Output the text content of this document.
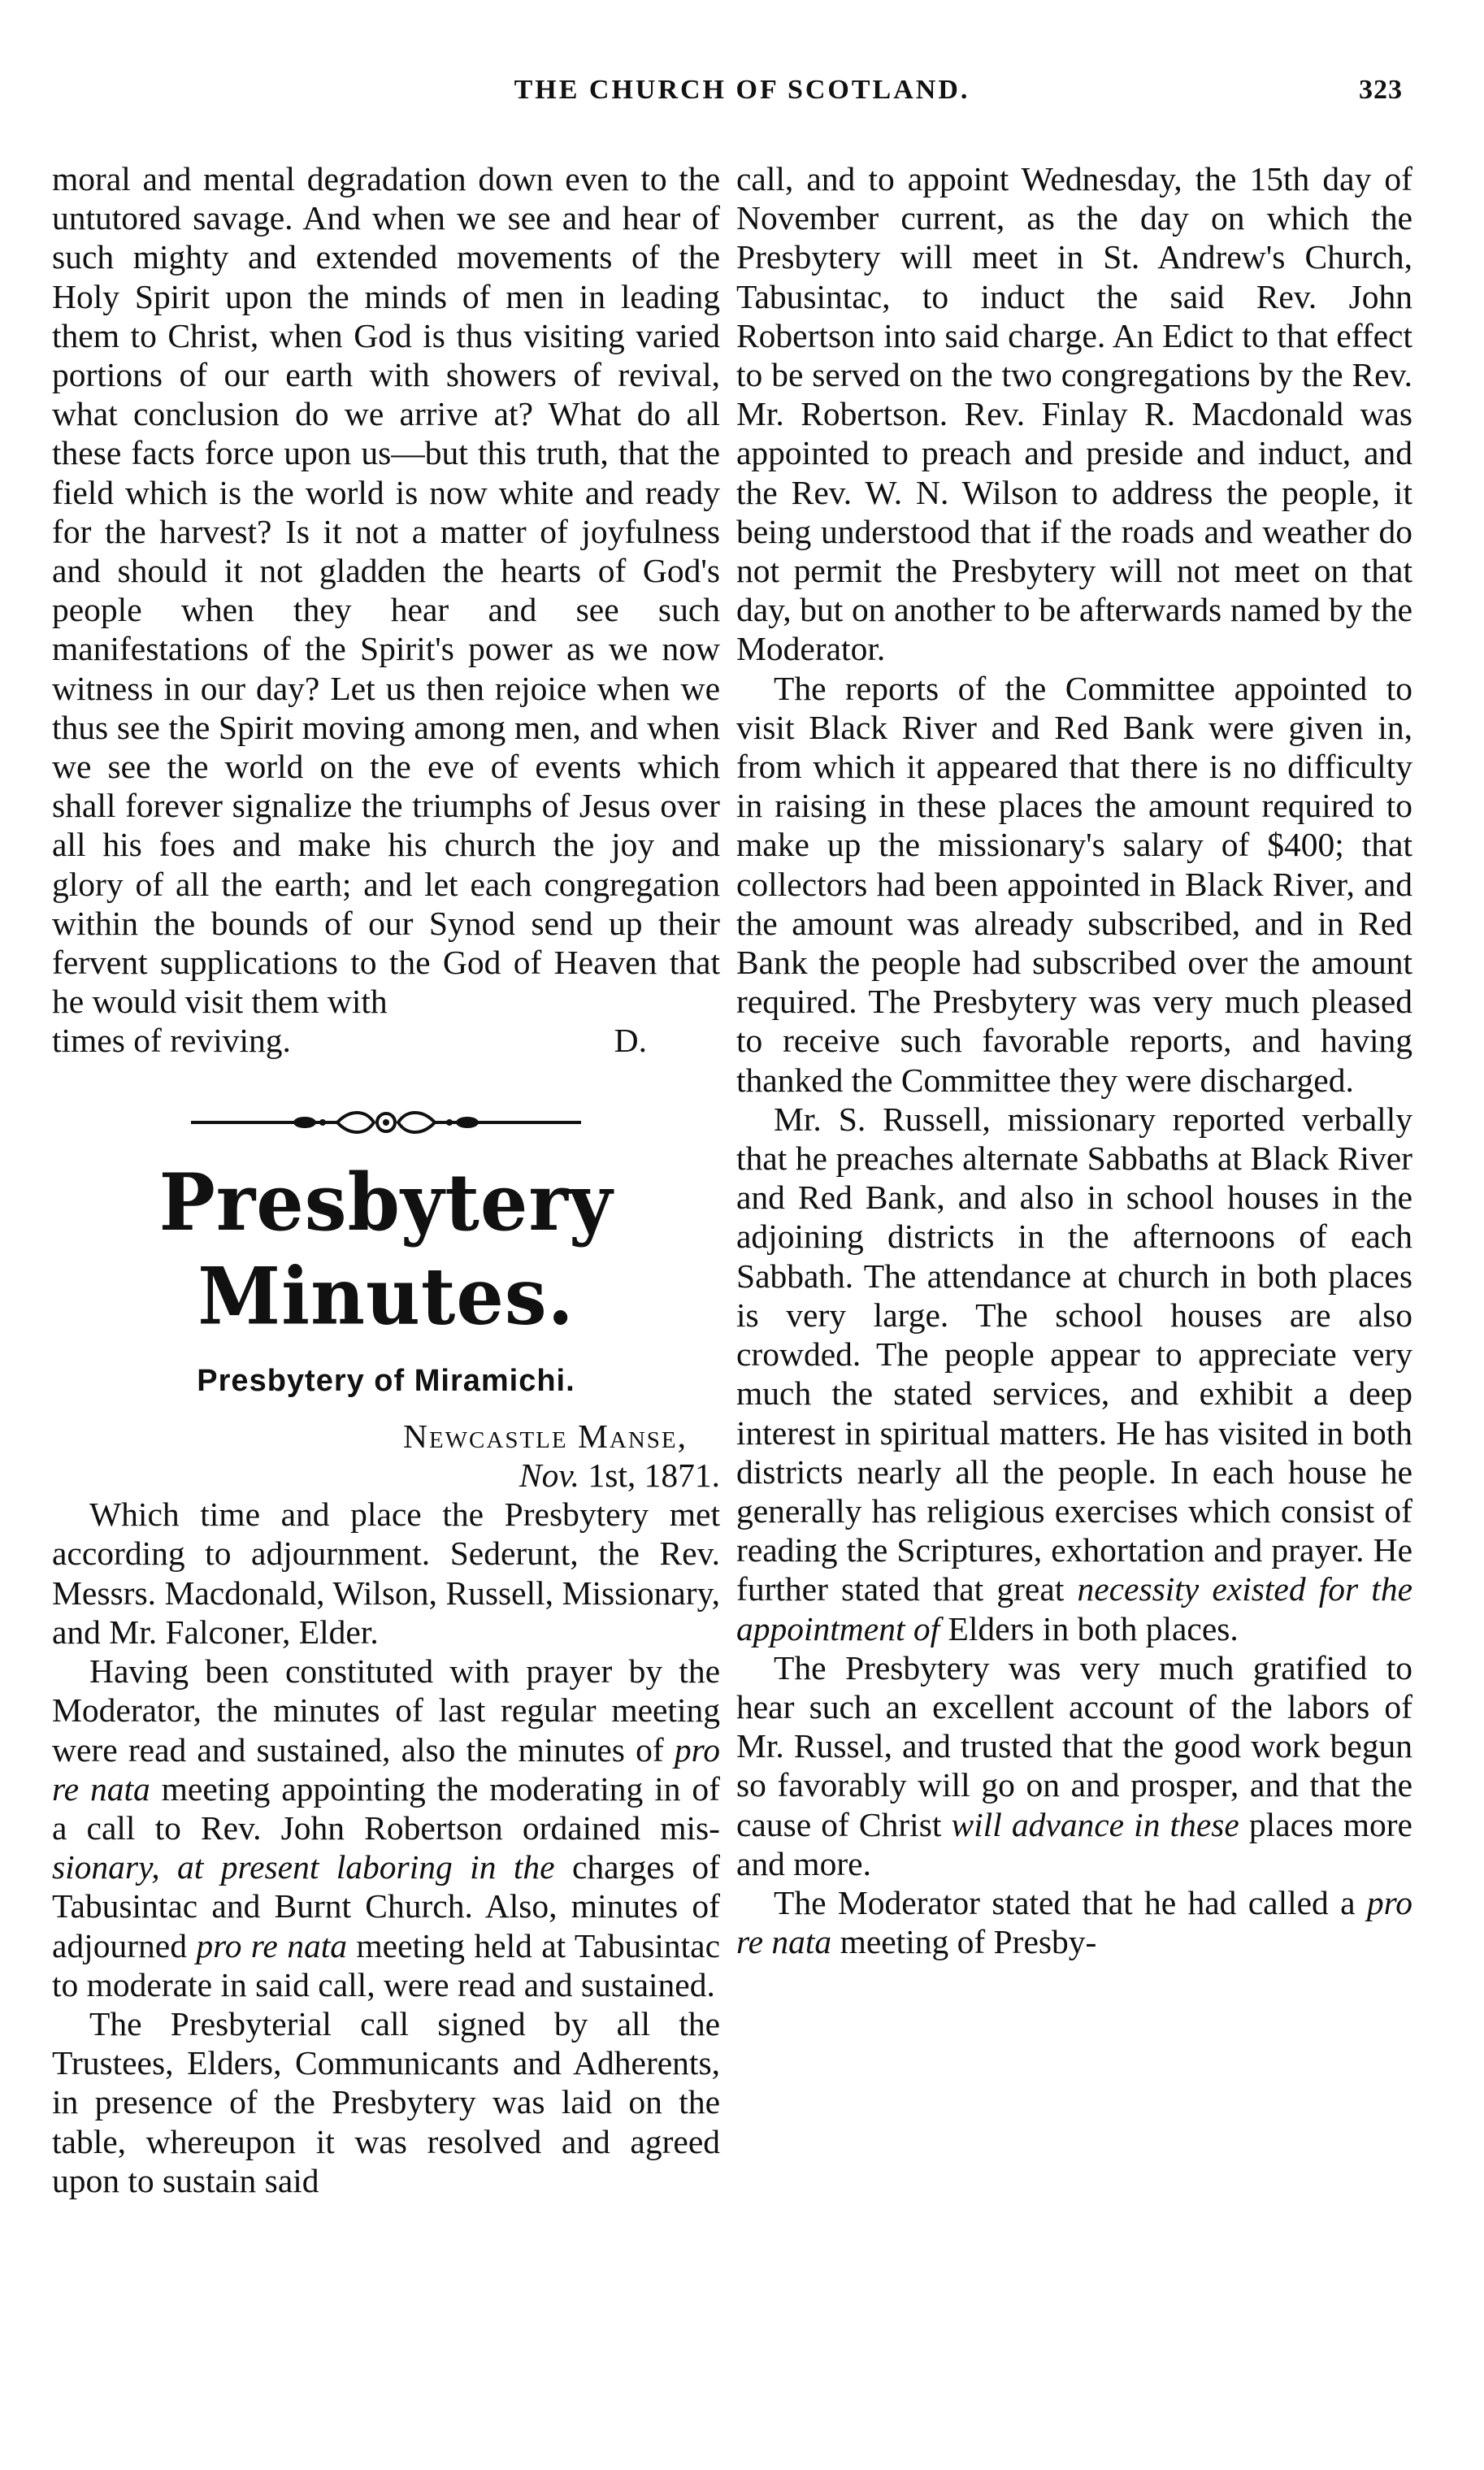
THE CHURCH OF SCOTLAND.	323

moral and mental degradation down even to the untutored savage. And when we see and hear of such mighty and extended movements of the Holy Spirit upon the minds of men in leading them to Christ, when God is thus visiting varied portions of our earth with showers of revival, what conclusion do we arrive at? What do all these facts force upon us—but this truth, that the field which is the world is now white and ready for the harvest? Is it not a matter of joyfulness and should it not gladden the hearts of God's people when they hear and see such manifestations of the Spirit's power as we now witness in our day? Let us then rejoice when we thus see the Spirit moving among men, and when we see the world on the eve of events which shall forever signalize the triumphs of Jesus over all his foes and make his church the joy and glory of all the earth; and let each congregation within the bounds of our Synod send up their fervent supplications to the God of Heaven that he would visit them with

times of reviving.	D.
Presbytery Minutes.
Presbytery of Miramichi.

Newcastle Manse,

Nov. 1st, 1871.

Which time and place the Presbytery met according to adjournment. Sederunt, the Rev. Messrs. Macdonald, Wilson, Russell, Missionary, and Mr. Falconer, Elder.

Having been constituted with prayer by the Moderator, the minutes of last regular meeting were read and sustained, also the minutes of pro re nata meeting appointing the moderating in of a call to Rev. John Robertson ordained mis- sionary, at present laboring in the charges of Tabusintac and Burnt Church. Also, minutes of adjourned pro re nata meeting held at Tabusintac to moderate in said call, were read and sustained.

The Presbyterial call signed by all the Trustees, Elders, Communicants and Adherents, in presence of the Presbytery was laid on the table, whereupon it was resolved and agreed upon to sustain said

call, and to appoint Wednesday, the 15th day of November current, as the day on which the Presbytery will meet in St. Andrew's Church, Tabusintac, to induct the said Rev. John Robertson into said charge. An Edict to that effect to be served on the two congregations by the Rev. Mr. Robertson. Rev. Finlay R. Macdonald was appointed to preach and preside and induct, and the Rev. W. N. Wilson to address the people, it being understood that if the roads and weather do not permit the Presbytery will not meet on that day, but on another to be afterwards named by the Moderator.

The reports of the Committee appointed to visit Black River and Red Bank were given in, from which it appeared that there is no difficulty in raising in these places the amount required to make up the missionary's salary of $400; that collectors had been appointed in Black River, and the amount was already subscribed, and in Red Bank the people had subscribed over the amount required. The Presbytery was very much pleased to receive such favorable reports, and having thanked the Committee they were discharged.

Mr. S. Russell, missionary reported verbally that he preaches alternate Sabbaths at Black River and Red Bank, and also in school houses in the adjoining districts in the afternoons of each Sabbath. The attendance at church in both places is very large. The school houses are also crowded. The people appear to appreciate very much the stated services, and exhibit a deep interest in spiritual matters. He has visited in both districts nearly all the people. In each house he generally has religious exercises which consist of reading the Scriptures, exhortation and prayer. He further stated that great necessity existed for the appointment of Elders in both places.

The Presbytery was very much gratified to hear such an excellent account of the labors of Mr. Russel, and trusted that the good work begun so favorably will go on and prosper, and that the cause of Christ will advance in these places more and more.

The Moderator stated that he had called a pro re nata meeting of Presby-
